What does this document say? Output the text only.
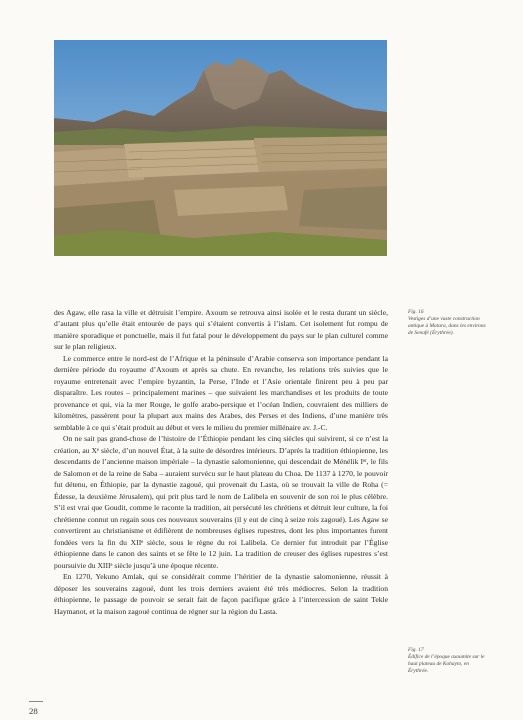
des Agaw, elle rasa la ville et détruisit l’empire. Axoum se retrouva ainsi isolée et le resta durant un siècle, d’autant plus qu’elle était entourée de pays qui s’étaient convertis à l’islam. Cet isolement fut rompu de manière sporadique et ponctuelle, mais il fut fatal pour le développement du pays sur le plan culturel comme sur le plan religieux.

Le commerce entre le nord-est de l’Afrique et la péninsule d’Arabie conserva son importance pendant la dernière période du royaume d’Axoum et après sa chute. En revanche, les relations très suivies que le royaume entretenait avec l’empire byzantin, la Perse, l’Inde et l’Asie orientale finirent peu à peu par disparaître. Les routes – principalement marines – que suivaient les marchandises et les produits de toute provenance et qui, via la mer Rouge, le golfe arabo-persique et l’océan Indien, couvraient des milliers de kilomètres, passèrent pour la plupart aux mains des Arabes, des Perses et des Indiens, d’une manière très semblable à ce qui s’était produit au début et vers le milieu du premier millénaire av. J.-C.

On ne sait pas grand-chose de l’histoire de l’Éthiopie pendant les cinq siècles qui suivirent, si ce n’est la création, au Xᵉ siècle, d’un nouvel État, à la suite de désordres intérieurs. D’après la tradition éthiopienne, les descendants de l’ancienne maison impériale – la dynastie salomonienne, qui descendait de Ménélik Iᵉʳ, le fils de Salomon et de la reine de Saba – auraient survécu sur le haut plateau du Choa. De 1137 à 1270, le pouvoir fut détenu, en Éthiopie, par la dynastie zagoué, qui provenait du Lasta, où se trouvait la ville de Roha (= Édesse, la deuxième Jérusalem), qui prit plus tard le nom de Lalibela en souvenir de son roi le plus célèbre. S’il est vrai que Goudit, comme le raconte la tradition, ait persécuté les chrétiens et détruit leur culture, la foi chrétienne connut un regain sous ces nouveaux souverains (il y eut de cinq à seize rois zagoué). Les Agaw se convertirent au christianisme et édifièrent de nombreuses églises rupestres, dont les plus importantes furent fondées vers la fin du XIIᵉ siècle, sous le règne du roi Lalibela. Ce dernier fut introduit par l’Église éthiopienne dans le canon des saints et se fête le 12 juin. La tradition de creuser des églises rupestres s’est poursuivie du XIIIᵉ siècle jusqu’à une époque récente.

En 1270, Yekuno Amlak, qui se considérait comme l’héritier de la dynastie salomonienne, réussit à déposer les souverains zagoué, dont les trois derniers avaient été très médiocres. Selon la tradition éthiopienne, le passage de pouvoir se serait fait de façon pacifique grâce à l’intercession de saint Tekle Haymanot, et la maison zagoué continua de régner sur la région du Lasta.

Fig. 16
Vestiges d’une vaste construction antique à Matara, dans les environs de Senafé (Érythrée).
Fig. 17
Édifice de l’époque axoumite sur le haut plateau de Kohayto, en Érythrée.
28
